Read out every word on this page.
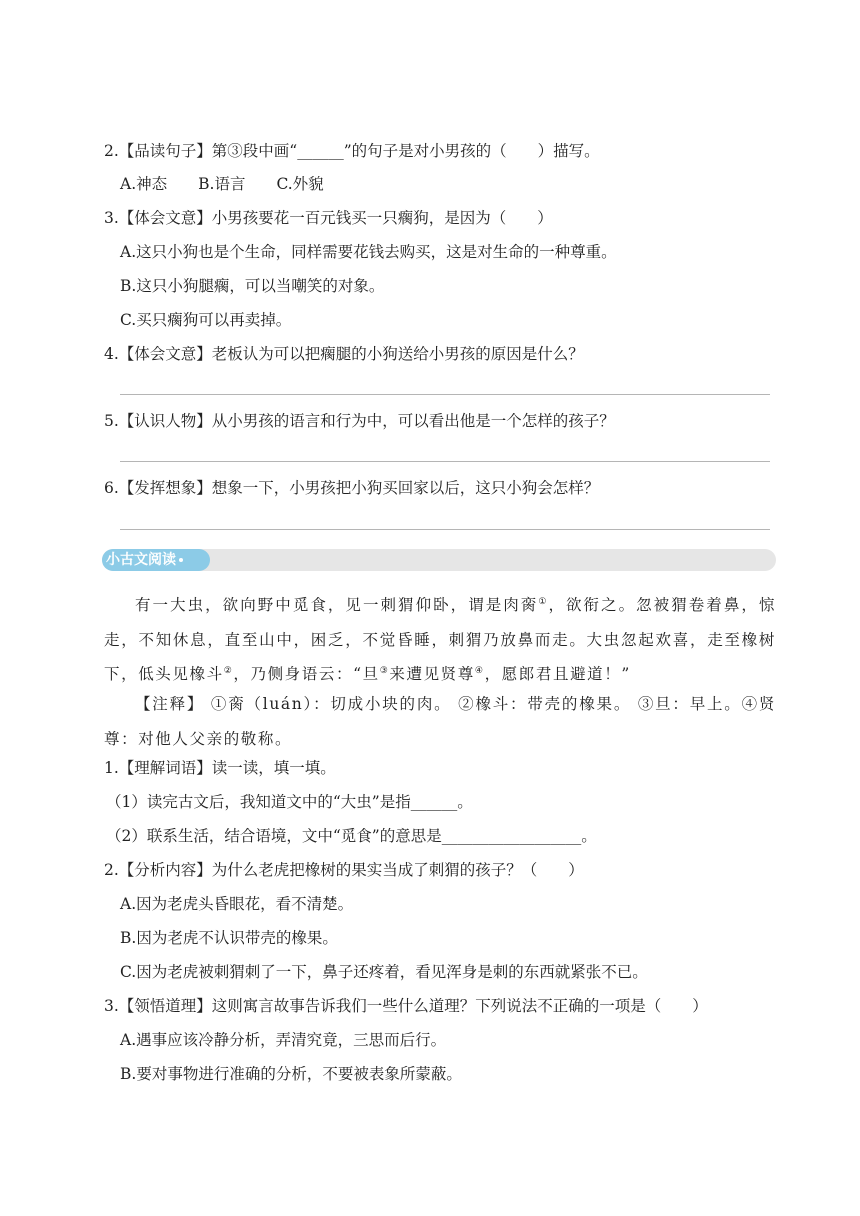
2.【品读句子】第③段中画“______”的句子是对小男孩的（　　）描写。
A.神态　　B.语言　　C.外貌
3.【体会文意】小男孩要花一百元钱买一只瘸狗，是因为（　　）
A.这只小狗也是个生命，同样需要花钱去购买，这是对生命的一种尊重。
B.这只小狗腿瘸，可以当嘲笑的对象。
C.买只瘸狗可以再卖掉。
4.【体会文意】老板认为可以把瘸腿的小狗送给小男孩的原因是什么？
5.【认识人物】从小男孩的语言和行为中，可以看出他是一个怎样的孩子？
6.【发挥想象】想象一下，小男孩把小狗买回家以后，这只小狗会怎样？
小古文阅读
有一大虫，欲向野中觅食，见一刺猬仰卧，谓是肉脔①，欲衔之。忽被猬卷着鼻，惊走，不知休息，直至山中，困乏，不觉昏睡，刺猬乃放鼻而走。大虫忽起欢喜，走至橡树下，低头见橡斗②，乃侧身语云：“旦③来遭见贤尊④，愿郎君且避道！”
【注释】 ①脔（luán）：切成小块的肉。 ②橡斗：带壳的橡果。 ③旦：早上。④贤尊：对他人父亲的敬称。
1.【理解词语】读一读，填一填。
（1）读完古文后，我知道文中的“大虫”是指______。
（2）联系生活，结合语境，文中“觅食”的意思是__________________。
2.【分析内容】为什么老虎把橡树的果实当成了刺猬的孩子？（　　）
A.因为老虎头昏眼花，看不清楚。
B.因为老虎不认识带壳的橡果。
C.因为老虎被刺猬刺了一下，鼻子还疼着，看见浑身是刺的东西就紧张不已。
3.【领悟道理】这则寓言故事告诉我们一些什么道理？下列说法不正确的一项是（　　）
A.遇事应该冷静分析，弄清究竟，三思而后行。
B.要对事物进行准确的分析，不要被表象所蒙蔽。
